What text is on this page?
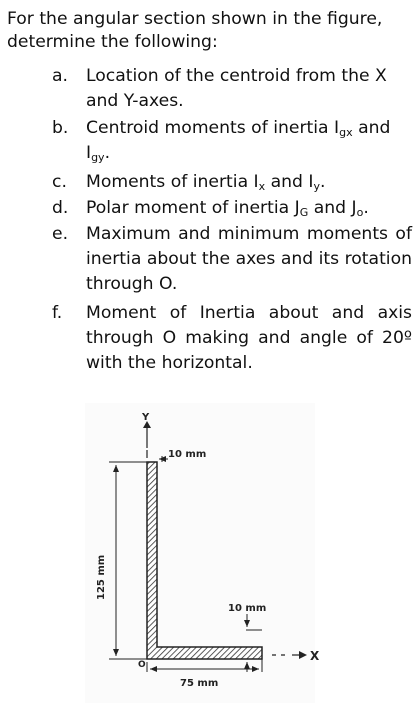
For the angular section shown in the figure, determine the following:
a. Location of the centroid from the X and Y-axes.
b. Centroid moments of inertia $I_{gx}$ and $I_{gy}$.
c. Moments of inertia $I_x$ and $I_y$.
d. Polar moment of inertia $J_G$ and $J_o$.
e. Maximum and minimum moments of inertia about the axes and its rotation through O.
f. Moment of Inertia about and axis through O making and angle of 20º with the horizontal.
Y
X
O
10 mm
125 mm
10 mm
75 mm
